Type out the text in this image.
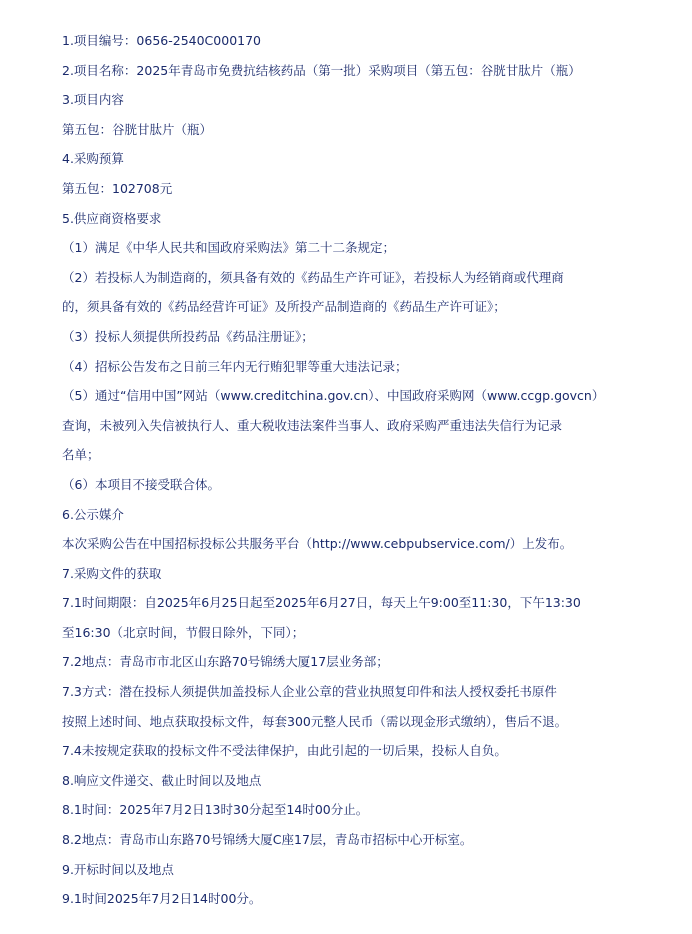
1.项目编号：0656-2540C000170
2.项目名称：2025年青岛市免费抗结核药品（第一批）采购项目（第五包：谷胱甘肽片（瓶）
3.项目内容
第五包：谷胱甘肽片（瓶）
4.采购预算
第五包：102708元
5.供应商资格要求
（1）满足《中华人民共和国政府采购法》第二十二条规定；
（2）若投标人为制造商的，须具备有效的《药品生产许可证》，若投标人为经销商或代理商
的，须具备有效的《药品经营许可证》及所投产品制造商的《药品生产许可证》；
（3）投标人须提供所投药品《药品注册证》；
（4）招标公告发布之日前三年内无行贿犯罪等重大违法记录；
（5）通过“信用中国”网站（www.creditchina.gov.cn）、中国政府采购网（www.ccgp.govcn）
查询，未被列入失信被执行人、重大税收违法案件当事人、政府采购严重违法失信行为记录
名单；
（6）本项目不接受联合体。
6.公示媒介
本次采购公告在中国招标投标公共服务平台（http://www.cebpubservice.com/）上发布。
7.采购文件的获取
7.1时间期限：自2025年6月25日起至2025年6月27日，每天上午9:00至11:30，下午13:30
至16:30（北京时间，节假日除外，下同）；
7.2地点：青岛市市北区山东路70号锦绣大厦17层业务部；
7.3方式：潜在投标人须提供加盖投标人企业公章的营业执照复印件和法人授权委托书原件
按照上述时间、地点获取投标文件，每套300元整人民币（需以现金形式缴纳），售后不退。
7.4未按规定获取的投标文件不受法律保护，由此引起的一切后果，投标人自负。
8.响应文件递交、截止时间以及地点
8.1时间：2025年7月2日13时30分起至14时00分止。
8.2地点：青岛市山东路70号锦绣大厦C座17层，青岛市招标中心开标室。
9.开标时间以及地点
9.1时间2025年7月2日14时00分。
